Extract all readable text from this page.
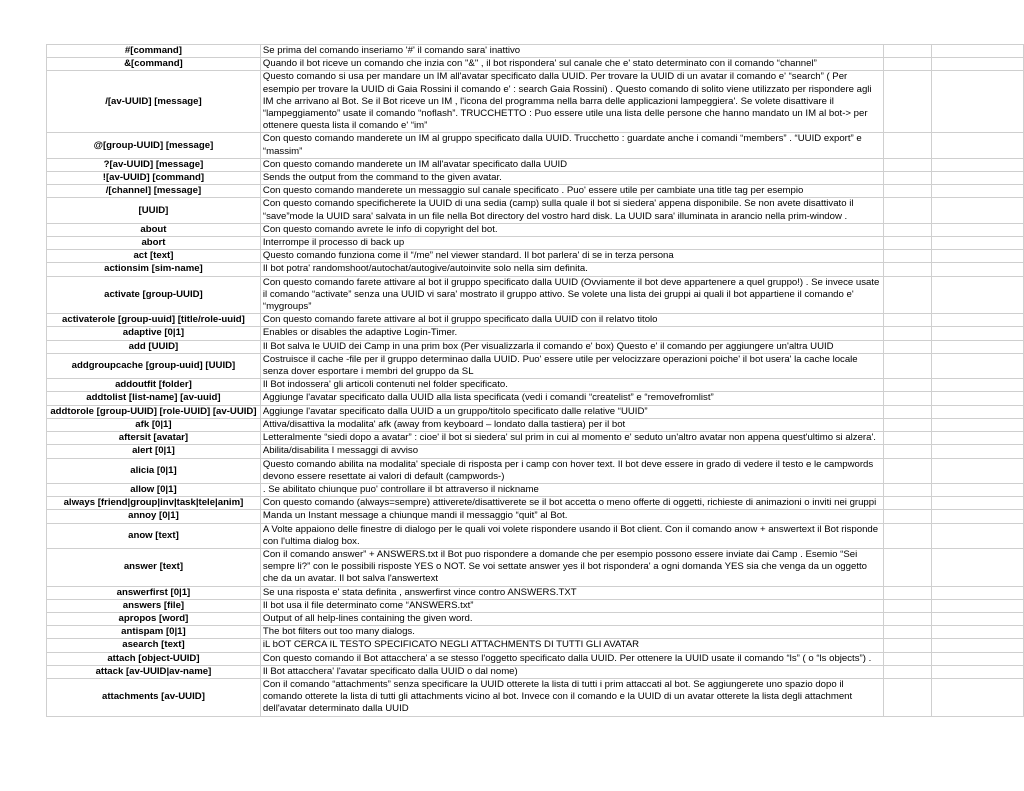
#[command]	Se prima del comando inseriamo '#' il comando sara' inattivo		
&[command]	Quando il bot riceve un comando che inzia con "&" , il bot rispondera' sul canale che e' stato determinato con il comando “channel”		
/[av-UUID] [message]	Questo comando si usa per mandare un IM all'avatar specificato dalla UUID. Per trovare la UUID di un avatar il comando e' “search” ( Per esempio per trovare la UUID di Gaia Rossini il comando e' : search Gaia Rossini) . Questo comando di solito viene utilizzato per rispondere agli IM che arrivano al Bot. Se il Bot riceve un IM , l'icona del programma nella barra delle applicazioni lampeggiera'. Se volete disattivare il “lampeggiamento” usate il comando “noflash”. TRUCCHETTO : Puo essere utile una lista delle persone che hanno mandato un IM al bot-> per ottenere questa lista il comando e' “im”		
@[group-UUID] [message]	Con questo comando manderete un IM al gruppo specificato dalla UUID. Trucchetto : guardate anche i comandi “members” . “UUID export” e “massim”		
?[av-UUID] [message]	Con questo comando manderete un IM all'avatar specificato dalla UUID		
![av-UUID] [command]	Sends the output from the command to the given avatar.		
/[channel] [message]	Con questo comando manderete un messaggio sul canale specificato . Puo' essere utile per cambiate una title tag per esempio		
[UUID]	Con questo comando specificherete la UUID di una sedia (camp) sulla quale il bot si siedera' appena disponibile. Se non avete disattivato il “save”mode la UUID sara' salvata in un file nella Bot directory del vostro hard disk. La UUID sara' illuminata in arancio nella prim-window .		
about	Con questo comando avrete le info di copyright del bot.		
abort	Interrompe il processo di back up		
act [text]	Questo comando funziona come il “/me” nel viewer standard. Il bot parlera' di se in terza persona		
actionsim [sim-name]	Il bot potra' randomshoot/autochat/autogive/autoinvite solo nella sim definita.		
activate [group-UUID]	Con questo comando farete attivare al bot il gruppo specificato dalla UUID (Ovviamente il bot deve appartenere a quel gruppo!) . Se invece usate il comando “activate” senza una UUID vi sara' mostrato il gruppo attivo. Se volete una lista dei gruppi ai quali il bot appartiene il comando e' “mygroups”		
activaterole [group-uuid] [title/role-uuid]	Con questo comando farete attivare al bot il gruppo specificato dalla UUID con il relatvo titolo		
adaptive [0|1]	Enables or disables the adaptive Login-Timer.		
add [UUID]	Il Bot salva le UUID dei Camp in una prim box (Per visualizzarla il comando e' box) Questo e' il comando per aggiungere un'altra UUID		
addgroupcache [group-uuid] [UUID]	Costruisce il cache -file per il gruppo determinao dalla UUID. Puo' essere utile per velocizzare operazioni poiche' il bot usera' la cache locale senza dover esportare i membri del gruppo da SL		
addoutfit [folder]	Il Bot indossera' gli articoli contenuti nel folder specificato.		
addtolist [list-name] [av-uuid]	Aggiunge l'avatar specificato dalla UUID alla lista specificata (vedi i comandi “createlist” e “removefromlist”		
addtorole [group-UUID] [role-UUID] [av-UUID]	Aggiunge l'avatar specificato dalla UUID a un gruppo/titolo specificato dalle relative “UUID”		
afk [0|1]	Attiva/disattiva la modalita' afk (away from keyboard – londato dalla tastiera) per il bot		
aftersit [avatar]	Letteralmente “siedi dopo a avatar” : cioe' il bot si siedera' sul prim in cui al momento e' seduto un'altro avatar non appena quest'ultimo si alzera'.		
alert [0|1]	Abilita/disabilita I messaggi di avviso		
alicia [0|1]	Questo comando abilita na modalita' speciale di risposta per i camp con hover text. Il bot deve essere in grado di vedere il testo e le campwords devono essere resettate ai valori di default (campwords-)		
allow [0|1]	. Se abilitato chiunque puo' controllare il bt attraverso il nickname		
always [friend|group|inv|task|tele|anim]	Con questo comando (always=sempre) attiverete/disattiverete se il bot accetta o meno offerte di oggetti, richieste di animazioni o inviti nei gruppi		
annoy [0|1]	Manda un Instant message a chiunque mandi il messaggio “quit” al Bot.		
anow [text]	A Volte appaiono delle finestre di dialogo per le quali voi volete rispondere usando il Bot client. Con il comando anow + answertext il Bot risponde con l'ultima dialog box.		
answer [text]	Con il comando answer” + ANSWERS.txt il Bot puo rispondere a domande che per esempio possono essere inviate dai Camp . Esemio “Sei sempre li?” con le possibili risposte YES o NOT. Se voi settate answer yes il bot rispondera' a ogni domanda YES sia che venga da un oggetto che da un avatar. Il bot salva l'answertext		
answerfirst [0|1]	Se una risposta e' stata definita , answerfirst vince contro ANSWERS.TXT		
answers [file]	Il bot usa il file determinato come “ANSWERS.txt”		
apropos [word]	Output of all help-lines containing the given word.		
antispam [0|1]	The bot filters out too many dialogs.		
asearch [text]	iL bOT CERCA IL TESTO SPECIFICATO NEGLI ATTACHMENTS DI TUTTI GLI AVATAR		
attach [object-UUID]	Con questo comando il Bot attacchera' a se stesso l'oggetto specificato dalla UUID. Per ottenere la UUID usate il comando “ls” ( o “ls objects”) .		
attack [av-UUID|av-name]	Il Bot attacchera' l'avatar specificato dalla UUID o dal nome)		
attachments [av-UUID]	Con il comando “attachments” senza specificare la UUID otterete la lista di tutti i prim attaccati al bot. Se aggiungerete uno spazio dopo il comando otterete la lista di tutti gli attachments vicino al bot. Invece con il comando e la UUID di un avatar otterete la lista degli attachment dell'avatar determinato dalla UUID		
